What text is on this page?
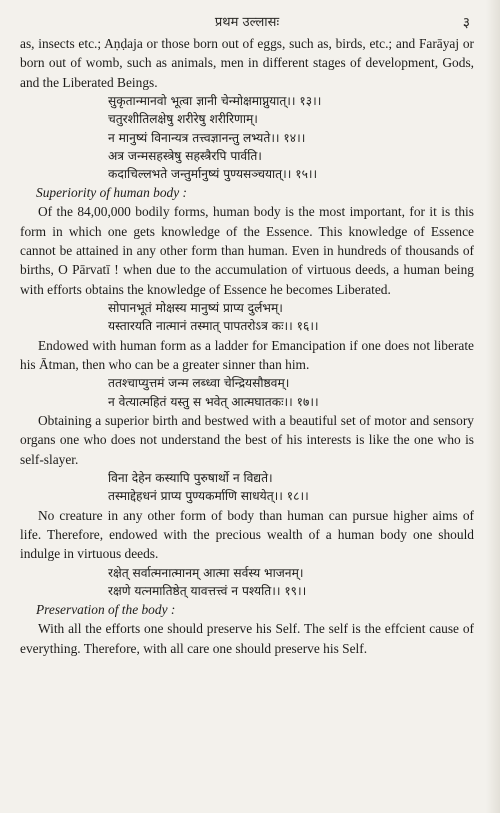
प्रथम उल्लासः	३

as, insects etc.; Aṇḍaja or those born out of eggs, such as, birds, etc.; and Farāyaj or born out of womb, such as animals, men in different stages of development, Gods, and the Liberated Beings.

सुकृतान्मानवो भूत्वा ज्ञानी चेन्मोक्षमाप्नुयात्।। १३।।
चतुरशीतिलक्षेषु शरीरेषु शरीरिणाम्।
न मानुष्यं विनान्यत्र तत्त्वज्ञानन्तु लभ्यते।। १४।।
अत्र जन्मसहस्त्रेषु सहस्त्रैरपि पार्वति।
कदाचिल्लभते जन्तुर्मानुष्यं पुण्यसञ्चयात्।। १५।।
Superiority of human body :

Of the 84,00,000 bodily forms, human body is the most important, for it is this form in which one gets knowledge of the Essence. This knowledge of Essence cannot be attained in any other form than human. Even in hundreds of thousands of births, O Pārvatī ! when due to the accumulation of virtuous deeds, a human being with efforts obtains the knowledge of Essence he becomes Liberated.

सोपानभूतं मोक्षस्य मानुष्यं प्राप्य दुर्लभम्।
यस्तारयति नात्मानं तस्मात् पापतरोऽत्र कः।। १६।।

Endowed with human form as a ladder for Emancipation if one does not liberate his Ātman, then who can be a greater sinner than him.

ततश्चाप्युत्तमं जन्म लब्ध्वा चेन्द्रियसौष्ठवम्।
न वेत्यात्महितं यस्तु स भवेत् आत्मघातकः।। १७।।

Obtaining a superior birth and bestwed with a beautiful set of motor and sensory organs one who does not understand the best of his interests is like the one who is self-slayer.

विना देहेन कस्यापि पुरुषार्थो न विद्यते।
तस्माद्देहधनं प्राप्य पुण्यकर्माणि साधयेत्।। १८।।

No creature in any other form of body than human can pursue higher aims of life. Therefore, endowed with the precious wealth of a human body one should indulge in virtuous deeds.

रक्षेत् सर्वात्मनात्मानम् आत्मा सर्वस्य भाजनम्।
रक्षणे यत्नमातिष्ठेत् यावत्तत्त्वं न पश्यति।। १९।।
Preservation of the body :

With all the efforts one should preserve his Self. The self is the effcient cause of everything. Therefore, with all care one should preserve his Self.
